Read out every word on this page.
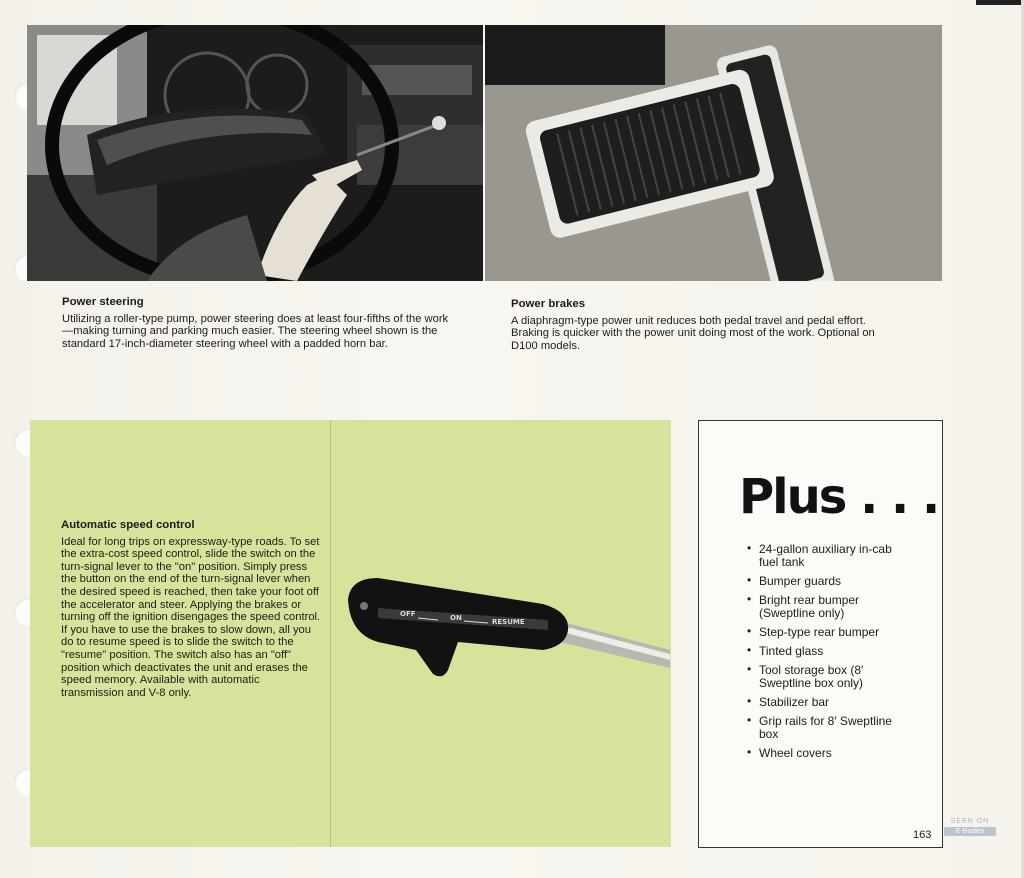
Power steering

Utilizing a roller-type pump, power steering does at least four-fifths of the work—making turning and parking much easier. The steering wheel shown is the standard 17-inch-diameter steering wheel with a padded horn bar.

Power brakes

A diaphragm-type power unit reduces both pedal travel and pedal effort. Braking is quicker with the power unit doing most of the work. Optional on D100 models.

Automatic speed control

Ideal for long trips on expressway-type roads. To set the extra-cost speed control, slide the switch on the turn-signal lever to the "on" position. Simply press the button on the end of the turn-signal lever when the desired speed is reached, then take your foot off the accelerator and steer. Applying the brakes or turning off the ignition disengages the speed control. If you have to use the brakes to slow down, all you do to resume speed is to slide the switch to the "resume" position. The switch also has an "off" position which deactivates the unit and erases the speed memory. Available with automatic transmission and V-8 only.

OFF	ON	RESUME
Plus . . .
• 24-gallon auxiliary in-cab fuel tank
• Bumper guards
• Bright rear bumper (Sweptline only)
• Step-type rear bumper
• Tinted glass
• Tool storage box (8′ Sweptline box only)
• Stabilizer bar
• Grip rails for 8′ Sweptline box
• Wheel covers
163
SEEN ON
E-Bodies
